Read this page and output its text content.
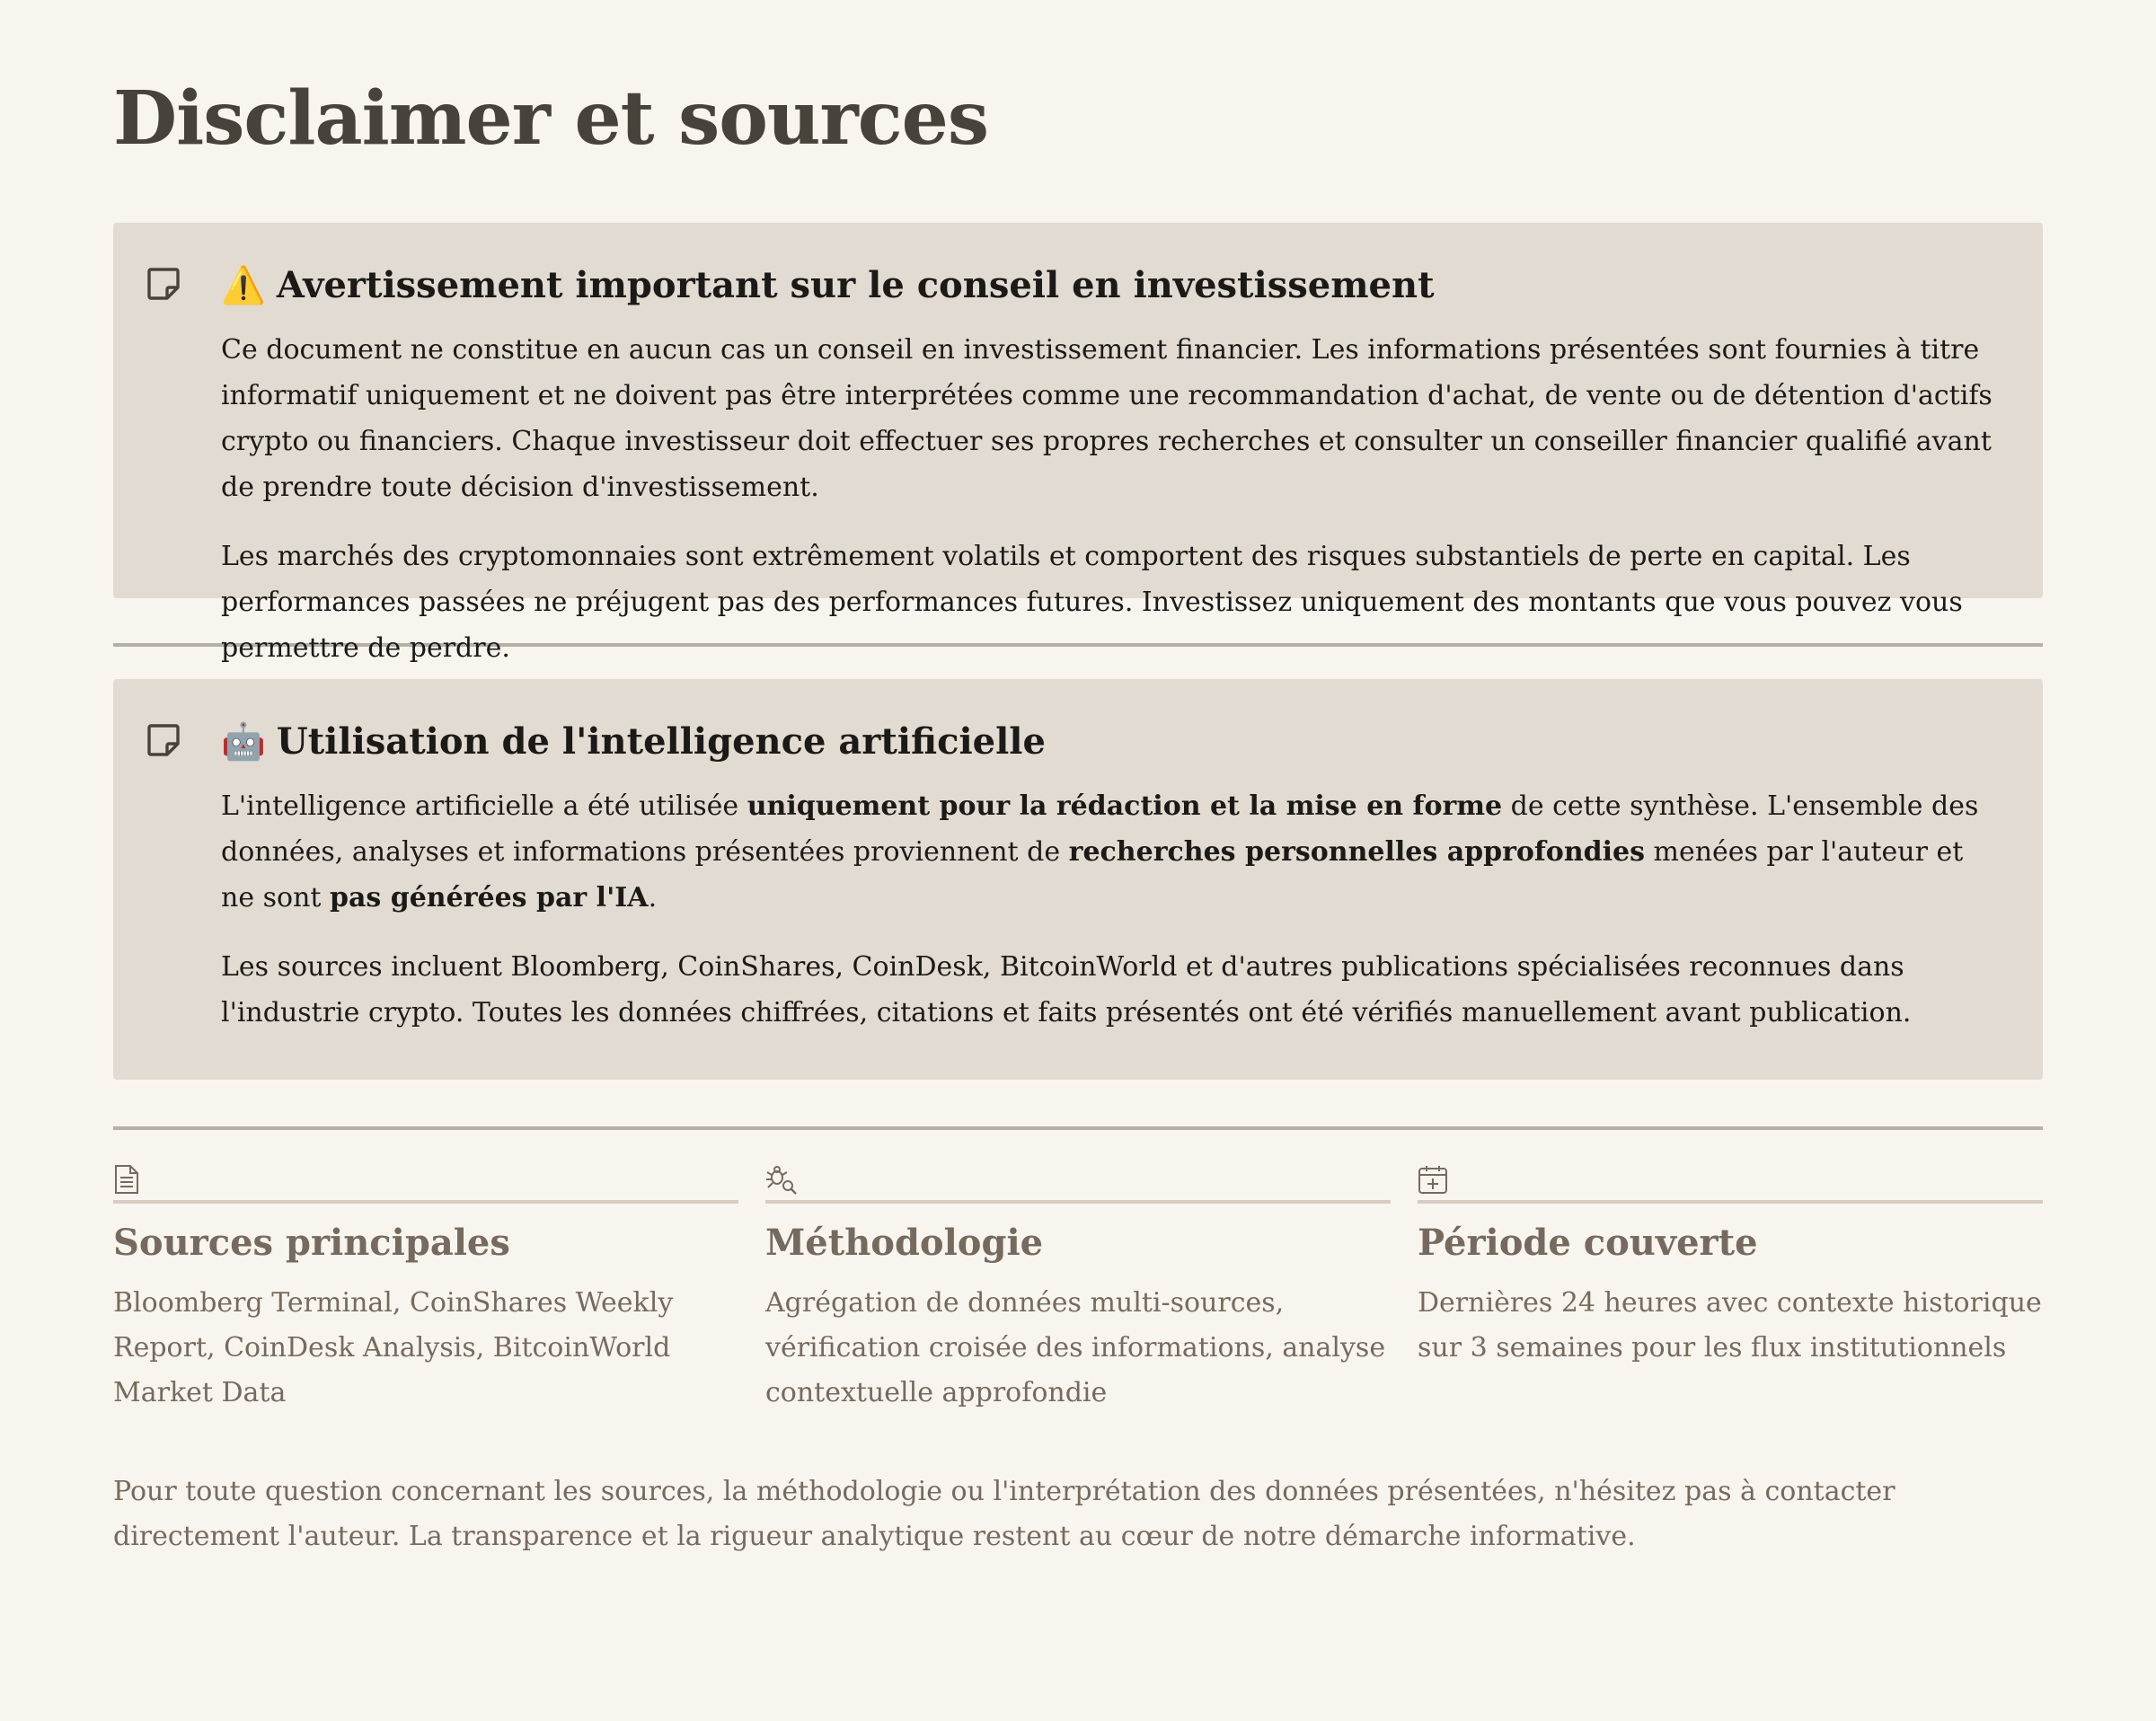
Disclaimer et sources
⚠️ Avertissement important sur le conseil en investissement

Ce document ne constitue en aucun cas un conseil en investissement financier. Les informations présentées sont fournies à titre informatif uniquement et ne doivent pas être interprétées comme une recommandation d'achat, de vente ou de détention d'actifs crypto ou financiers. Chaque investisseur doit effectuer ses propres recherches et consulter un conseiller financier qualifié avant de prendre toute décision d'investissement.

Les marchés des cryptomonnaies sont extrêmement volatils et comportent des risques substantiels de perte en capital. Les performances passées ne préjugent pas des performances futures. Investissez uniquement des montants que vous pouvez vous permettre de perdre.

🤖 Utilisation de l'intelligence artificielle

L'intelligence artificielle a été utilisée uniquement pour la rédaction et la mise en forme de cette synthèse. L'ensemble des données, analyses et informations présentées proviennent de recherches personnelles approfondies menées par l'auteur et ne sont pas générées par l'IA.

Les sources incluent Bloomberg, CoinShares, CoinDesk, BitcoinWorld et d'autres publications spécialisées reconnues dans l'industrie crypto. Toutes les données chiffrées, citations et faits présentés ont été vérifiés manuellement avant publication.

Sources principales

Bloomberg Terminal, CoinShares Weekly Report, CoinDesk Analysis, BitcoinWorld Market Data

Méthodologie

Agrégation de données multi-sources, vérification croisée des informations, analyse contextuelle approfondie

Période couverte

Dernières 24 heures avec contexte historique sur 3 semaines pour les flux institutionnels

Pour toute question concernant les sources, la méthodologie ou l'interprétation des données présentées, n'hésitez pas à contacter directement l'auteur. La transparence et la rigueur analytique restent au cœur de notre démarche informative.
